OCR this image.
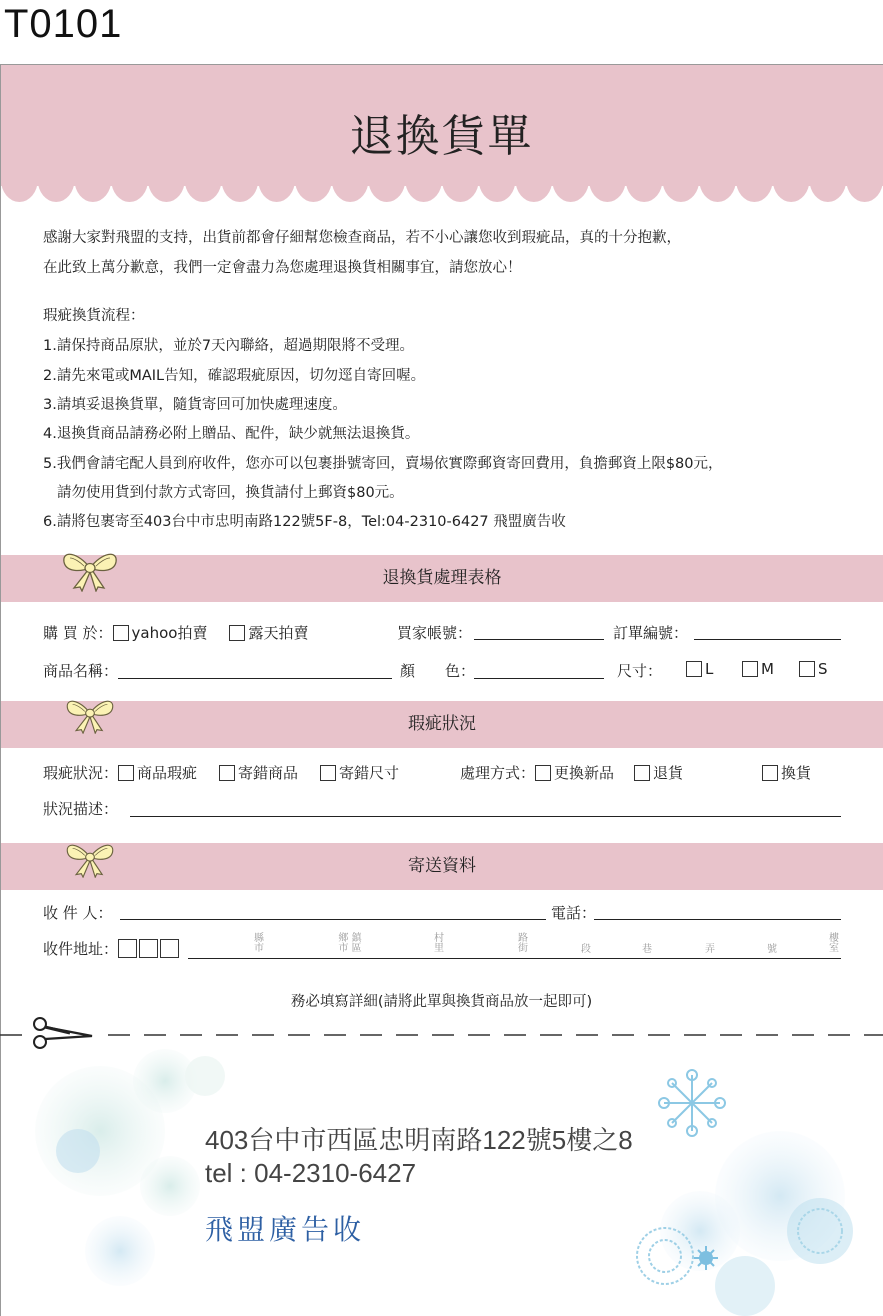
T0101
退換貨單
感謝大家對飛盟的支持，出貨前都會仔細幫您檢查商品，若不小心讓您收到瑕疵品，真的十分抱歉，
在此致上萬分歉意，我們一定會盡力為您處理退換貨相關事宜，請您放心！
瑕疵換貨流程：
1.請保持商品原狀，並於7天內聯絡，超過期限將不受理。
2.請先來電或MAIL告知，確認瑕疵原因，切勿逕自寄回喔。
3.請填妥退換貨單，隨貨寄回可加快處理速度。
4.退換貨商品請務必附上贈品、配件，缺少就無法退換貨。
5.我們會請宅配人員到府收件，您亦可以包裹掛號寄回，賣場依實際郵資寄回費用，負擔郵資上限$80元，
請勿使用貨到付款方式寄回，換貨請付上郵資$80元。
6.請將包裹寄至403台中市忠明南路122號5F-8，Tel:04-2310-6427 飛盟廣告收
退換貨處理表格
購 買 於： yahoo拍賣	露天拍賣	買家帳號：	訂單編號：
商品名稱：	顏　　色：	尺寸：	L	M	S
瑕疵狀況
瑕疵狀況： 商品瑕疵	寄錯商品	寄錯尺寸	處理方式： 更換新品	退貨	換貨
狀況描述：
寄送資料
收 件 人：	電話：
收件地址：
縣
市
鄉 鎮
市 區
村
里
路
街	段	巷	弄	號
樓
室
務必填寫詳細(請將此單與換貨商品放一起即可)
403台中市西區忠明南路122號5樓之8
tel : 04-2310-6427
飛盟廣告收
